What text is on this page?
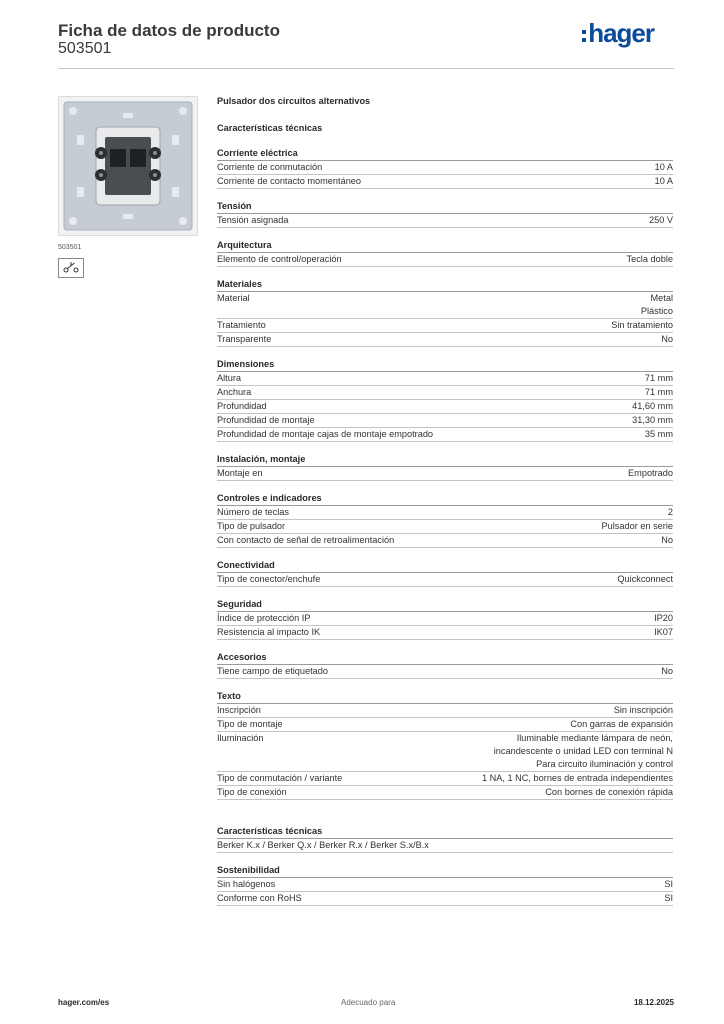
Ficha de datos de producto
503501
hager
503501
Pulsador dos circuitos alternativos
Características técnicas
Corriente eléctrica
Corriente de conmutación	10 A
Corriente de contacto momentáneo	10 A
Tensión
Tensión asignada	250 V
Arquitectura
Elemento de control/operación	Tecla doble
Materiales
Material	Metal
Plástico
Tratamiento	Sin tratamiento
Transparente	No
Dimensiones
Altura	71 mm
Anchura	71 mm
Profundidad	41,60 mm
Profundidad de montaje	31,30 mm
Profundidad de montaje cajas de montaje empotrado	35 mm
Instalación, montaje
Montaje en	Empotrado
Controles e indicadores
Número de teclas	2
Tipo de pulsador	Pulsador en serie
Con contacto de señal de retroalimentación	No
Conectividad
Tipo de conector/enchufe	Quickconnect
Seguridad
Índice de protección IP	IP20
Resistencia al impacto IK	IK07
Accesorios
Tiene campo de etiquetado	No
Texto
Inscripción	Sin inscripción
Tipo de montaje	Con garras de expansión
Iluminación	Iluminable mediante lámpara de neón,
incandescente o unidad LED con terminal N
Para circuito iluminación y control
Tipo de conmutación / variante	1 NA, 1 NC, bornes de entrada independientes
Tipo de conexión	Con bornes de conexión rápida
Características técnicas
Berker K.x / Berker Q.x / Berker R.x / Berker S.x/B.x
Sostenibilidad
Sin halógenos	SI
Conforme con RoHS	SI
hager.com/es	Adecuado para	18.12.2025
